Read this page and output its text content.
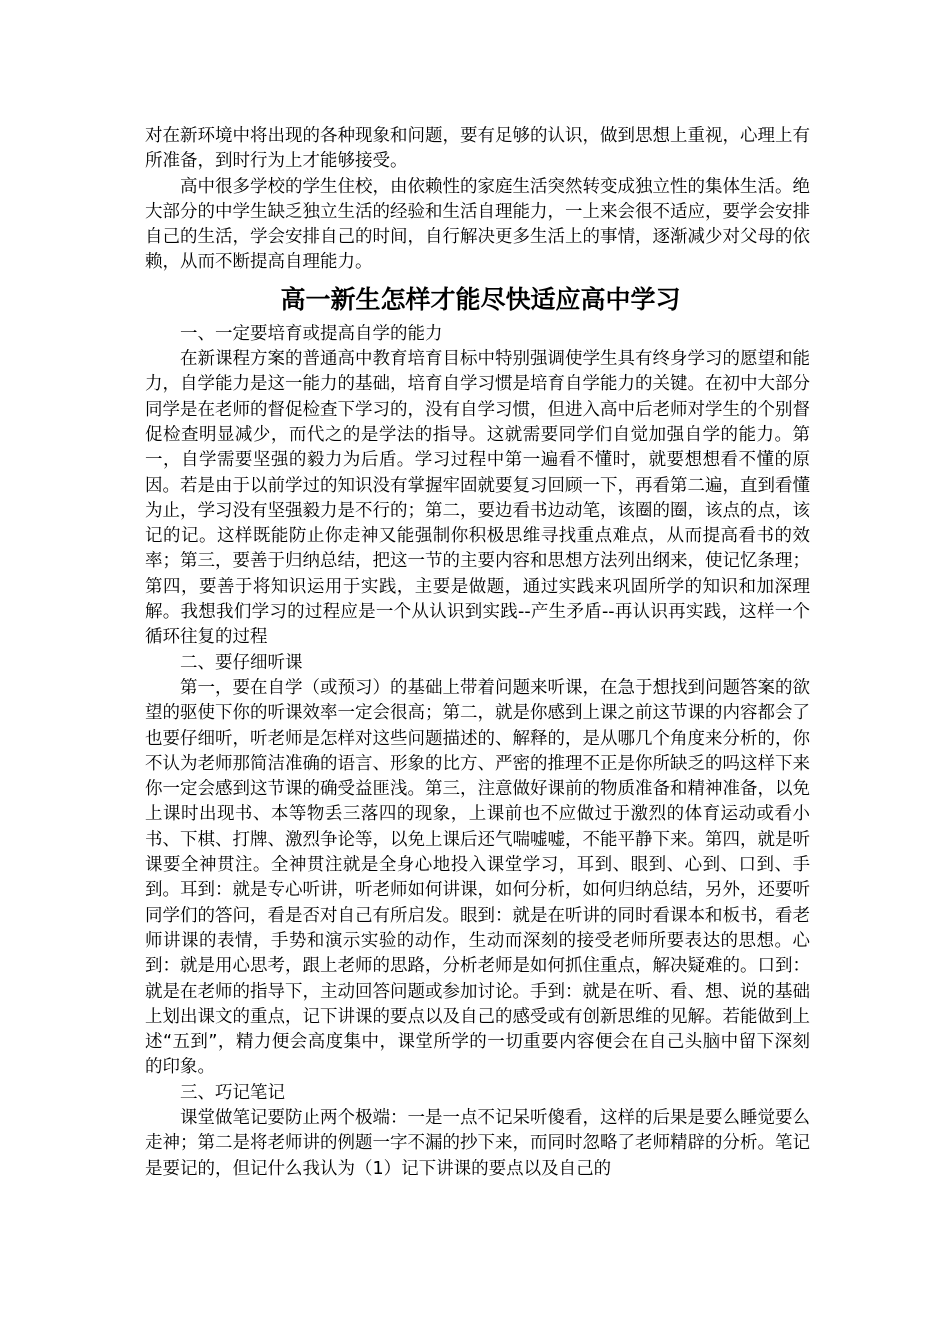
对在新环境中将出现的各种现象和问题，要有足够的认识，做到思想上重视，心理上有所准备，到时行为上才能够接受。

高中很多学校的学生住校，由依赖性的家庭生活突然转变成独立性的集体生活。绝大部分的中学生缺乏独立生活的经验和生活自理能力，一上来会很不适应，要学会安排自己的生活，学会安排自己的时间，自行解决更多生活上的事情，逐渐减少对父母的依赖，从而不断提高自理能力。

高一新生怎样才能尽快适应高中学习

一、一定要培育或提高自学的能力

在新课程方案的普通高中教育培育目标中特别强调使学生具有终身学习的愿望和能力，自学能力是这一能力的基础，培育自学习惯是培育自学能力的关键。在初中大部分同学是在老师的督促检查下学习的，没有自学习惯，但进入高中后老师对学生的个别督促检查明显减少，而代之的是学法的指导。这就需要同学们自觉加强自学的能力。第一，自学需要坚强的毅力为后盾。学习过程中第一遍看不懂时，就要想想看不懂的原因。若是由于以前学过的知识没有掌握牢固就要复习回顾一下，再看第二遍，直到看懂为止，学习没有坚强毅力是不行的；第二，要边看书边动笔，该圈的圈，该点的点，该记的记。这样既能防止你走神又能强制你积极思维寻找重点难点，从而提高看书的效率；第三，要善于归纳总结，把这一节的主要内容和思想方法列出纲来，使记忆条理；第四，要善于将知识运用于实践，主要是做题，通过实践来巩固所学的知识和加深理解。我想我们学习的过程应是一个从认识到实践--产生矛盾--再认识再实践，这样一个循环往复的过程

二、要仔细听课

第一，要在自学（或预习）的基础上带着问题来听课，在急于想找到问题答案的欲望的驱使下你的听课效率一定会很高；第二，就是你感到上课之前这节课的内容都会了也要仔细听，听老师是怎样对这些问题描述的、解释的，是从哪几个角度来分析的，你不认为老师那简洁准确的语言、形象的比方、严密的推理不正是你所缺乏的吗这样下来你一定会感到这节课的确受益匪浅。第三，注意做好课前的物质准备和精神准备，以免上课时出现书、本等物丢三落四的现象，上课前也不应做过于激烈的体育运动或看小书、下棋、打牌、激烈争论等，以免上课后还气喘嘘嘘，不能平静下来。第四，就是听课要全神贯注。全神贯注就是全身心地投入课堂学习，耳到、眼到、心到、口到、手到。耳到：就是专心听讲，听老师如何讲课，如何分析，如何归纳总结，另外，还要听同学们的答问，看是否对自己有所启发。眼到：就是在听讲的同时看课本和板书，看老师讲课的表情，手势和演示实验的动作，生动而深刻的接受老师所要表达的思想。心到：就是用心思考，跟上老师的思路，分析老师是如何抓住重点，解决疑难的。口到：就是在老师的指导下，主动回答问题或参加讨论。手到：就是在听、看、想、说的基础上划出课文的重点，记下讲课的要点以及自己的感受或有创新思维的见解。若能做到上述“五到”，精力便会高度集中，课堂所学的一切重要内容便会在自己头脑中留下深刻的印象。

三、巧记笔记

课堂做笔记要防止两个极端：一是一点不记呆听傻看，这样的后果是要么睡觉要么走神；第二是将老师讲的例题一字不漏的抄下来，而同时忽略了老师精辟的分析。笔记是要记的，但记什么我认为（1）记下讲课的要点以及自己的
